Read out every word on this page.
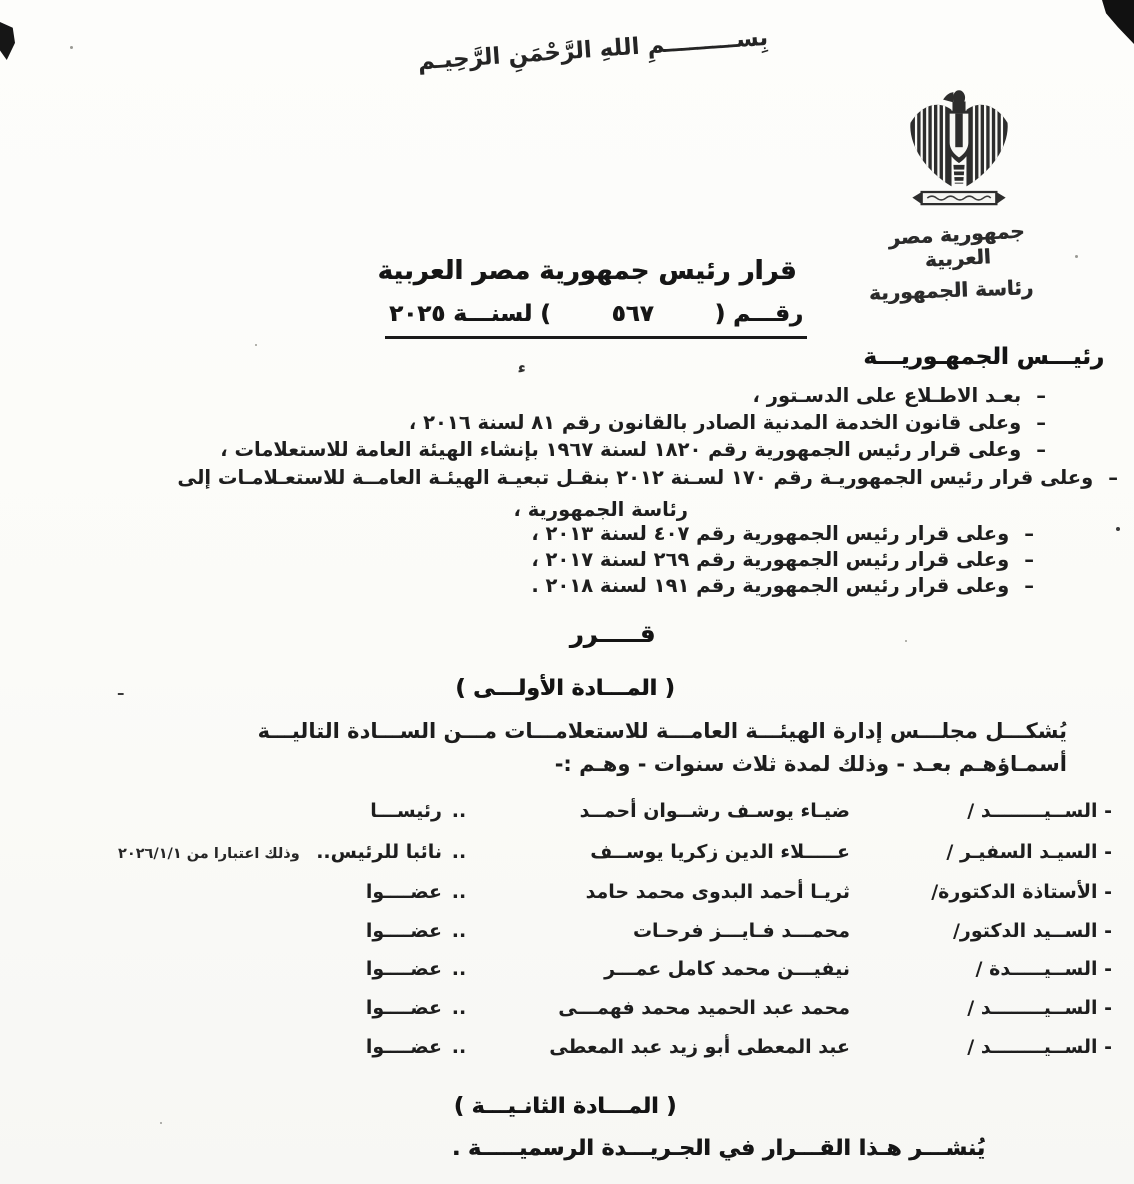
ء
ـ
بِســـــــــمِ اللهِ الرَّحْمَنِ الرَّحِيـم
جمهورية مصر العربية
رئاسة الجمهورية
قرار رئيس جمهورية مصر العربية
رقـــم (
٥٦٧
) لسنـــة ٢٠٢٥
رئيـــس الجمهـوريـــة
–
بعـد الاطـلاع على الدسـتور ،
–
وعلى قانون الخدمة المدنية الصادر بالقانون رقم ٨١ لسنة ٢٠١٦ ،
–
وعلى قرار رئيس الجمهورية رقم ١٨٢٠ لسنة ١٩٦٧ بإنشاء الهيئة العامة للاستعلامات ،
–
وعلى قرار رئيس الجمهوريـة رقم ١٧٠ لسـنة ٢٠١٢ بنقـل تبعيـة الهيئـة العامــة للاستعـلامـات إلى
رئاسة الجمهورية ،
–
وعلى قرار رئيس الجمهورية رقم ٤٠٧ لسنة ٢٠١٣ ،
–
وعلى قرار رئيس الجمهورية رقم ٢٦٩ لسنة ٢٠١٧ ،
–
وعلى قرار رئيس الجمهورية رقم ١٩١ لسنة ٢٠١٨ .
قـــــرر
( المـــادة الأولـــى )
يُشكـــل مجلـــس إدارة الهيئـــة العامـــة للاستعلامـــات مـــن الســـادة التاليـــة
أسمـاؤهـم بعـد - وذلك لمدة ثلاث سنوات - وهـم :-
- الســيــــــــد /
ضيـاء يوسـف رشــوان أحمــد
..
رئيســـا
- السيـد السفيـر /
عـــــلاء الدين زكريا يوســف
..
نائبا للرئيس..
وذلك اعتبارا من ٢٠٢٦/١/١
- الأستاذة الدكتورة/
ثريـا أحمد البدوى محمد حامد
..
عضــــوا
- الســيد الدكتور/
محمـــد فـايـــز فرحـات
..
عضــــوا
- الســيـــــدة /
نيفيـــن محمد كامل عمـــر
..
عضــــوا
- الســيــــــــد /
محمد عبد الحميد محمد فهمـــى
..
عضــــوا
- الســيــــــــد /
عبد المعطى أبو زيد عبد المعطى
..
عضــــوا
( المـــادة الثانـيـــة )
يُنشـــر هـذا القـــرار في الجـريـــدة الرسميـــــة .
